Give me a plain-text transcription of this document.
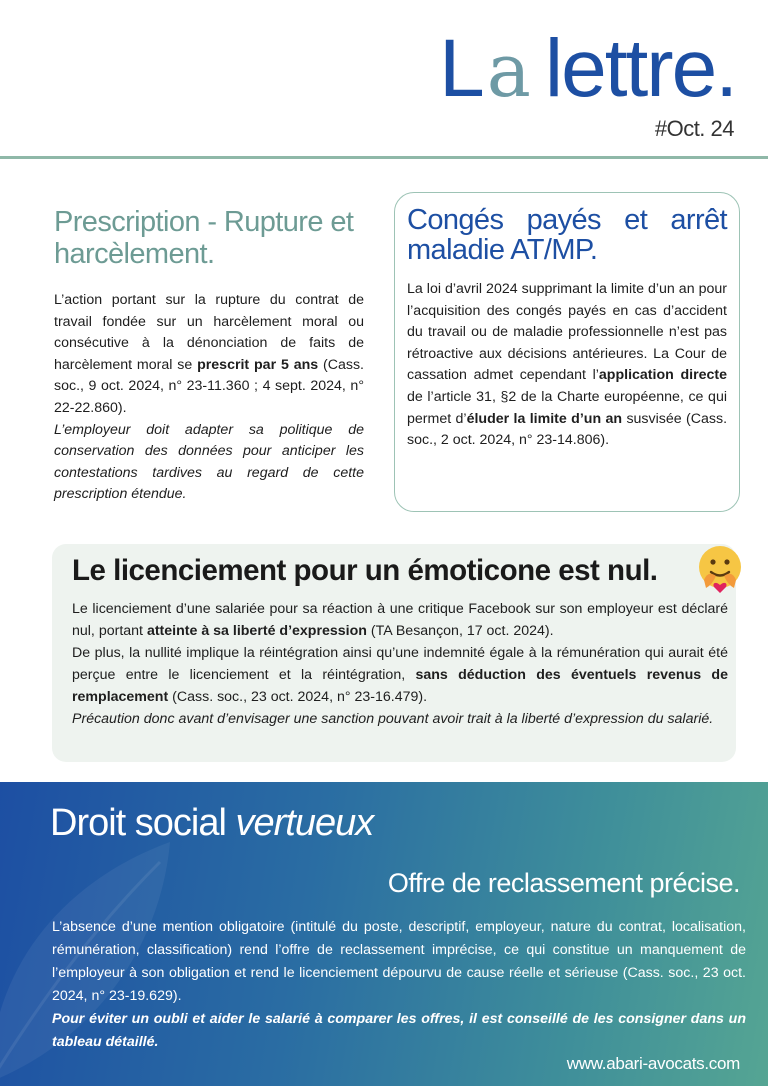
L a lettre.
#Oct. 24
Prescription - Rupture et harcèlement.

L’action portant sur la rupture du contrat de travail fondée sur un harcèlement moral ou consécutive à la dénonciation de faits de harcèlement moral se prescrit par 5 ans (Cass. soc., 9 oct. 2024, n° 23-11.360 ; 4 sept. 2024, n° 22-22.860).

L’employeur doit adapter sa politique de conservation des données pour anticiper les contestations tardives au regard de cette prescription étendue.

Congés payés et arrêt maladie AT/MP.

La loi d’avril 2024 supprimant la limite d’un an pour l’acquisition des congés payés en cas d’accident du travail ou de maladie professionnelle n’est pas rétroactive aux décisions antérieures. La Cour de cassation admet cependant l’application directe de l’article 31, §2 de la Charte européenne, ce qui permet d’éluder la limite d’un an susvisée (Cass. soc., 2 oct. 2024, n° 23-14.806).

Le licenciement pour un émoticone est nul.

Le licenciement d’une salariée pour sa réaction à une critique Facebook sur son employeur est déclaré nul, portant atteinte à sa liberté d’expression (TA Besançon, 17 oct. 2024).

De plus, la nullité implique la réintégration ainsi qu’une indemnité égale à la rémunération qui aurait été perçue entre le licenciement et la réintégration, sans déduction des éventuels revenus de remplacement (Cass. soc., 23 oct. 2024, n° 23-16.479).

Précaution donc avant d’envisager une sanction pouvant avoir trait à la liberté d’expression du salarié.

Droit social vertueux
Offre de reclassement précise.

L’absence d’une mention obligatoire (intitulé du poste, descriptif, employeur, nature du contrat, localisation, rémunération, classification) rend l’offre de reclassement imprécise, ce qui constitue un manquement de l’employeur à son obligation et rend le licenciement dépourvu de cause réelle et sérieuse (Cass. soc., 23 oct. 2024, n° 23-19.629).

Pour éviter un oubli et aider le salarié à comparer les offres, il est conseillé de les consigner dans un tableau détaillé.

www.abari-avocats.com
